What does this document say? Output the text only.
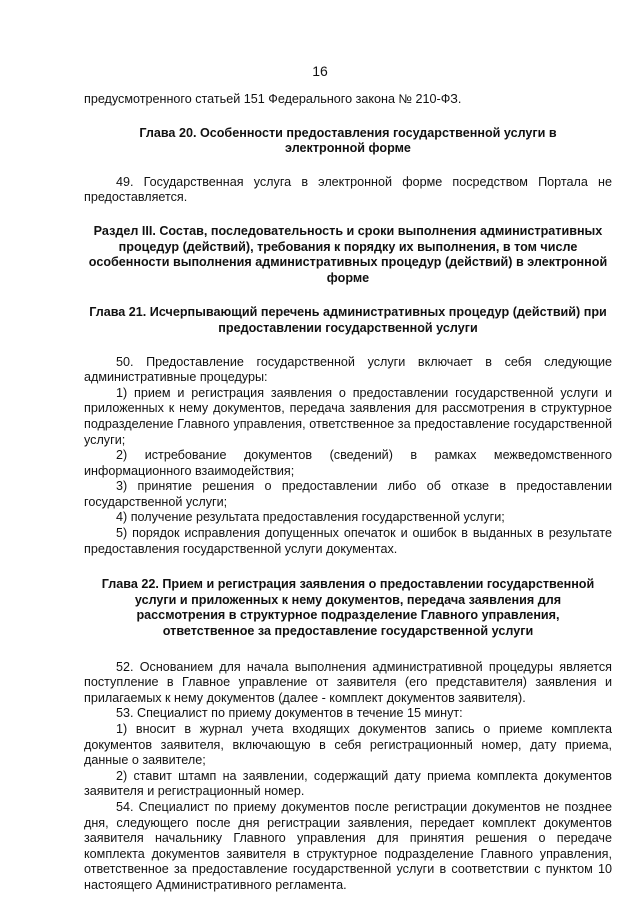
16

предусмотренного статьей 151 Федерального закона № 210-ФЗ.

Глава 20. Особенности предоставления государственной услуги в электронной форме

49. Государственная услуга в электронной форме посредством Портала не предоставляется.

Раздел III. Состав, последовательность и сроки выполнения административных процедур (действий), требования к порядку их выполнения, в том числе особенности выполнения административных процедур (действий) в электронной форме
Глава 21. Исчерпывающий перечень административных процедур (действий) при предоставлении государственной услуги

50. Предоставление государственной услуги включает в себя следующие административные процедуры:

1) прием и регистрация заявления о предоставлении государственной услуги и приложенных к нему документов, передача заявления для рассмотрения в структурное подразделение Главного управления, ответственное за предоставление государственной услуги;

2) истребование документов (сведений) в рамках межведомственного информационного взаимодействия;

3) принятие решения о предоставлении либо об отказе в предоставлении государственной услуги;

4) получение результата предоставления государственной услуги;

5) порядок исправления допущенных опечаток и ошибок в выданных в результате предоставления государственной услуги документах.

Глава 22. Прием и регистрация заявления о предоставлении государственной услуги и приложенных к нему документов, передача заявления для рассмотрения в структурное подразделение Главного управления, ответственное за предоставление государственной услуги

52. Основанием для начала выполнения административной процедуры является поступление в Главное управление от заявителя (его представителя) заявления и прилагаемых к нему документов (далее - комплект документов заявителя).

53. Специалист по приему документов в течение 15 минут:

1) вносит в журнал учета входящих документов запись о приеме комплекта документов заявителя, включающую в себя регистрационный номер, дату приема, данные о заявителе;

2) ставит штамп на заявлении, содержащий дату приема комплекта документов заявителя и регистрационный номер.

54. Специалист по приему документов после регистрации документов не позднее дня, следующего после дня регистрации заявления, передает комплект документов заявителя начальнику Главного управления для принятия решения о передаче комплекта документов заявителя в структурное подразделение Главного управления, ответственное за предоставление государственной услуги в соответствии с пунктом 10 настоящего Административного регламента.
